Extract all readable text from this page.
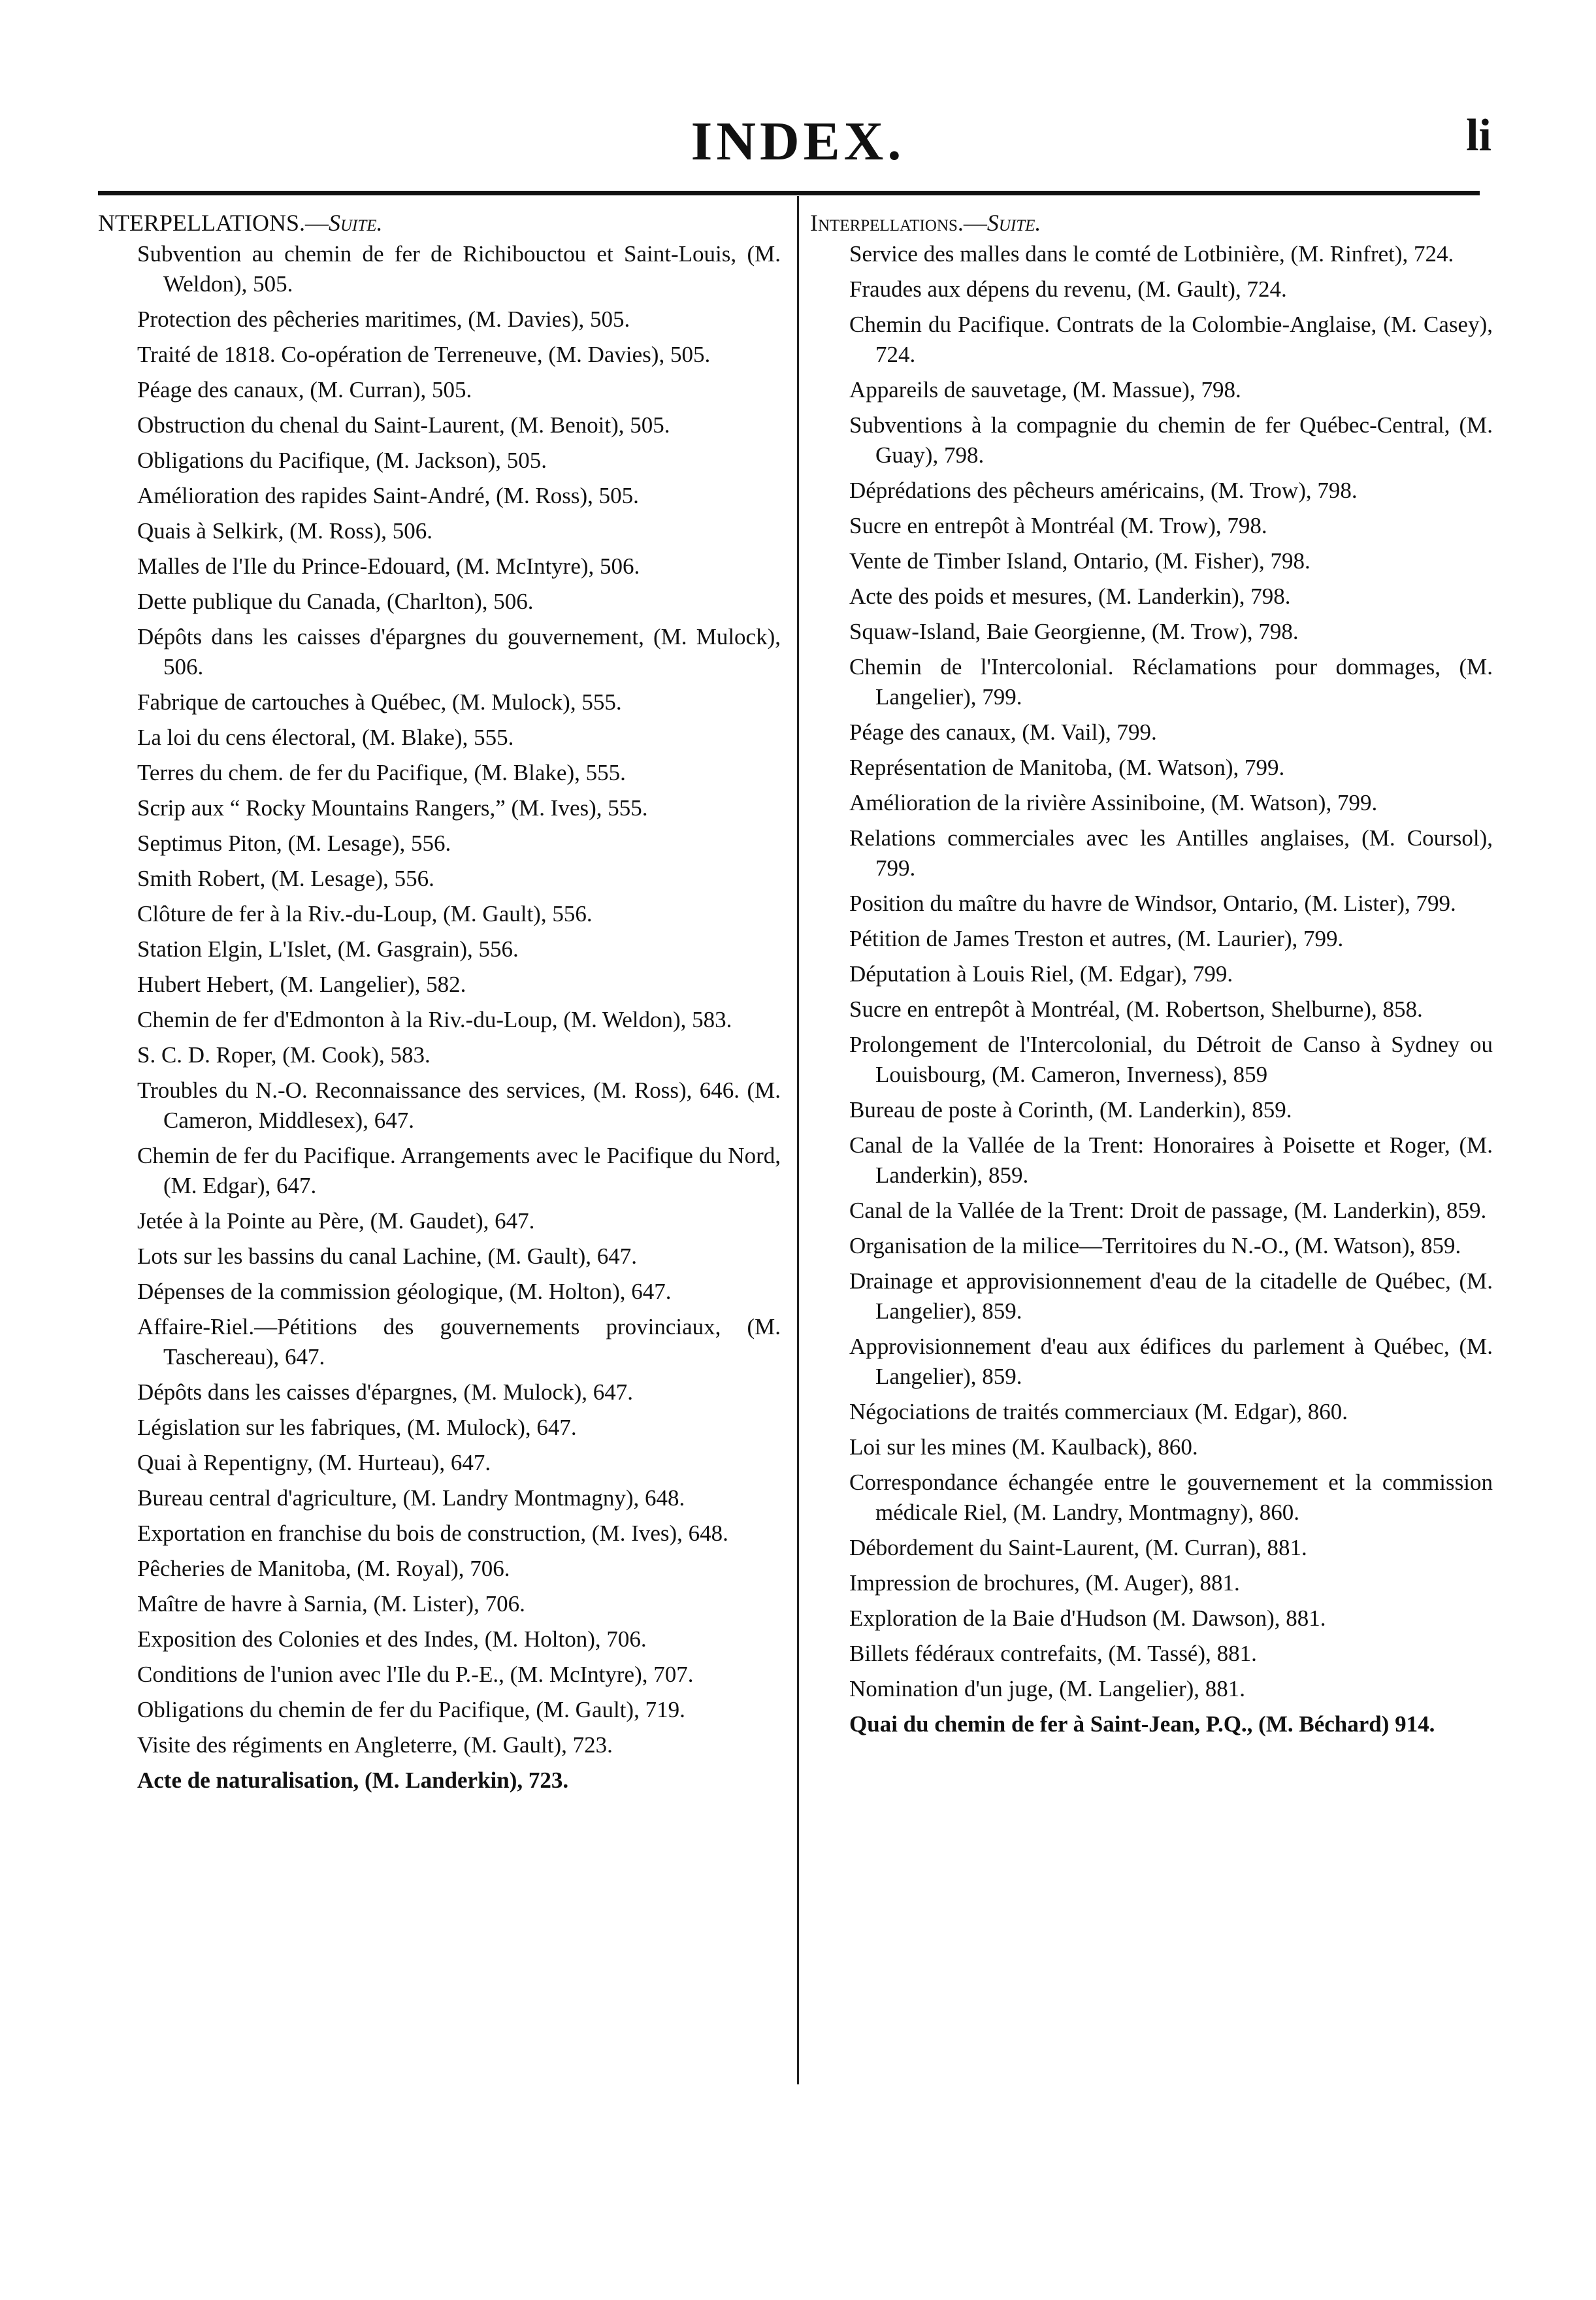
INDEX.	li
NTERPELLATIONS.—Suite.
Subvention au chemin de fer de Richibouctou et Saint-Louis, (M. Weldon), 505.
Protection des pêcheries maritimes, (M. Davies), 505.
Traité de 1818. Co-opération de Terreneuve, (M. Davies), 505.
Péage des canaux, (M. Curran), 505.
Obstruction du chenal du Saint-Laurent, (M. Benoit), 505.
Obligations du Pacifique, (M. Jackson), 505.
Amélioration des rapides Saint-André, (M. Ross), 505.
Quais à Selkirk, (M. Ross), 506.
Malles de l'Ile du Prince-Edouard, (M. McIntyre), 506.
Dette publique du Canada, (Charlton), 506.
Dépôts dans les caisses d'épargnes du gouvernement, (M. Mulock), 506.
Fabrique de cartouches à Québec, (M. Mulock), 555.
La loi du cens électoral, (M. Blake), 555.
Terres du chem. de fer du Pacifique, (M. Blake), 555.
Scrip aux “ Rocky Mountains Rangers,” (M. Ives), 555.
Septimus Piton, (M. Lesage), 556.
Smith Robert, (M. Lesage), 556.
Clôture de fer à la Riv.-du-Loup, (M. Gault), 556.
Station Elgin, L'Islet, (M. Gasgrain), 556.
Hubert Hebert, (M. Langelier), 582.
Chemin de fer d'Edmonton à la Riv.-du-Loup, (M. Weldon), 583.
S. C. D. Roper, (M. Cook), 583.
Troubles du N.-O. Reconnaissance des services, (M. Ross), 646. (M. Cameron, Middlesex), 647.
Chemin de fer du Pacifique. Arrangements avec le Pacifique du Nord, (M. Edgar), 647.
Jetée à la Pointe au Père, (M. Gaudet), 647.
Lots sur les bassins du canal Lachine, (M. Gault), 647.
Dépenses de la commission géologique, (M. Holton), 647.
Affaire-Riel.—Pétitions des gouvernements provinciaux, (M. Taschereau), 647.
Dépôts dans les caisses d'épargnes, (M. Mulock), 647.
Législation sur les fabriques, (M. Mulock), 647.
Quai à Repentigny, (M. Hurteau), 647.
Bureau central d'agriculture, (M. Landry Montmagny), 648.
Exportation en franchise du bois de construction, (M. Ives), 648.
Pêcheries de Manitoba, (M. Royal), 706.
Maître de havre à Sarnia, (M. Lister), 706.
Exposition des Colonies et des Indes, (M. Holton), 706.
Conditions de l'union avec l'Ile du P.-E., (M. McIntyre), 707.
Obligations du chemin de fer du Pacifique, (M. Gault), 719.
Visite des régiments en Angleterre, (M. Gault), 723.
Acte de naturalisation, (M. Landerkin), 723.
Interpellations.—Suite.
Service des malles dans le comté de Lotbinière, (M. Rinfret), 724.
Fraudes aux dépens du revenu, (M. Gault), 724.
Chemin du Pacifique. Contrats de la Colombie-Anglaise, (M. Casey), 724.
Appareils de sauvetage, (M. Massue), 798.
Subventions à la compagnie du chemin de fer Québec-Central, (M. Guay), 798.
Déprédations des pêcheurs américains, (M. Trow), 798.
Sucre en entrepôt à Montréal (M. Trow), 798.
Vente de Timber Island, Ontario, (M. Fisher), 798.
Acte des poids et mesures, (M. Landerkin), 798.
Squaw-Island, Baie Georgienne, (M. Trow), 798.
Chemin de l'Intercolonial. Réclamations pour dommages, (M. Langelier), 799.
Péage des canaux, (M. Vail), 799.
Représentation de Manitoba, (M. Watson), 799.
Amélioration de la rivière Assiniboine, (M. Watson), 799.
Relations commerciales avec les Antilles anglaises, (M. Coursol), 799.
Position du maître du havre de Windsor, Ontario, (M. Lister), 799.
Pétition de James Treston et autres, (M. Laurier), 799.
Députation à Louis Riel, (M. Edgar), 799.
Sucre en entrepôt à Montréal, (M. Robertson, Shelburne), 858.
Prolongement de l'Intercolonial, du Détroit de Canso à Sydney ou Louisbourg, (M. Cameron, Inverness), 859
Bureau de poste à Corinth, (M. Landerkin), 859.
Canal de la Vallée de la Trent: Honoraires à Poisette et Roger, (M. Landerkin), 859.
Canal de la Vallée de la Trent: Droit de passage, (M. Landerkin), 859.
Organisation de la milice—Territoires du N.-O., (M. Watson), 859.
Drainage et approvisionnement d'eau de la citadelle de Québec, (M. Langelier), 859.
Approvisionnement d'eau aux édifices du parlement à Québec, (M. Langelier), 859.
Négociations de traités commerciaux (M. Edgar), 860.
Loi sur les mines (M. Kaulback), 860.
Correspondance échangée entre le gouvernement et la commission médicale Riel, (M. Landry, Montmagny), 860.
Débordement du Saint-Laurent, (M. Curran), 881.
Impression de brochures, (M. Auger), 881.
Exploration de la Baie d'Hudson (M. Dawson), 881.
Billets fédéraux contrefaits, (M. Tassé), 881.
Nomination d'un juge, (M. Langelier), 881.
Quai du chemin de fer à Saint-Jean, P.Q., (M. Béchard) 914.
